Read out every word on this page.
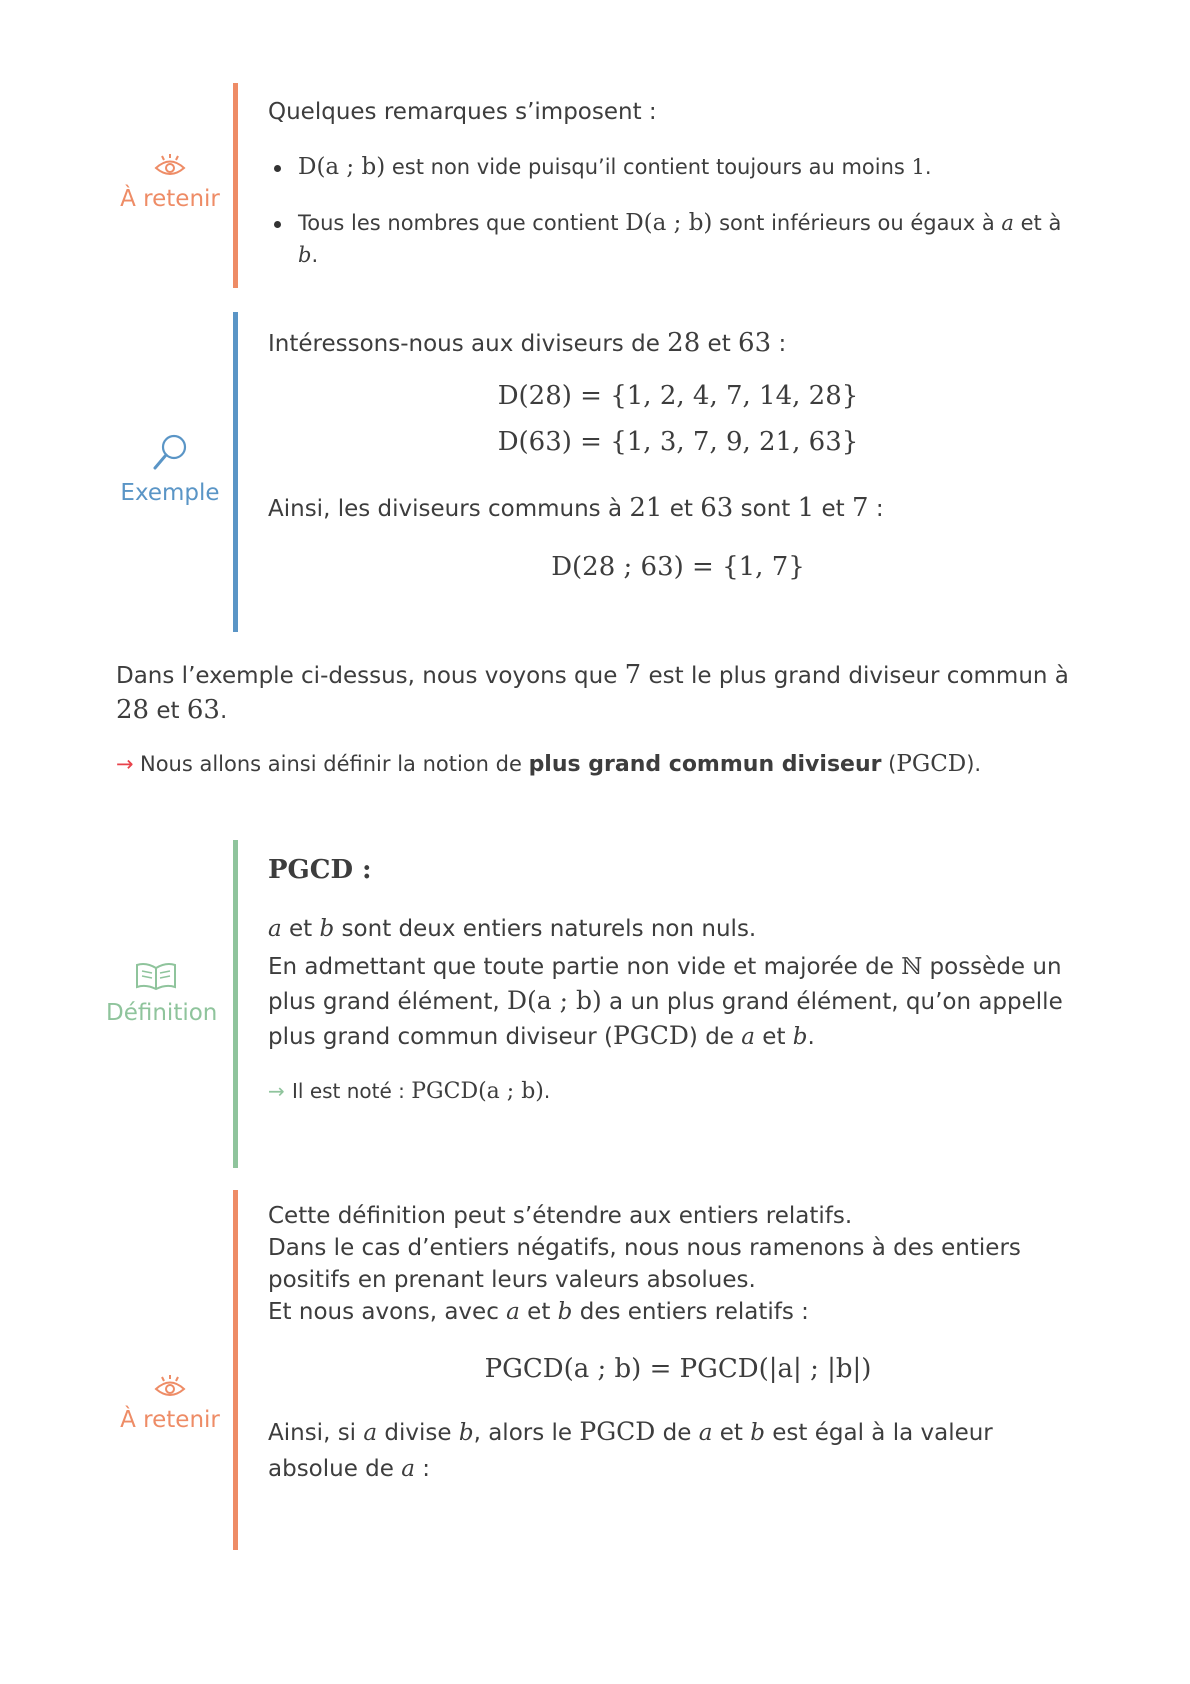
À retenir

Quelques remarques s’imposent :

D(a ; b) est non vide puisqu’il contient toujours au moins 1.
Tous les nombres que contient D(a ; b) sont inférieurs ou égaux à a et à b.
Exemple

Intéressons-nous aux diviseurs de 28 et 63 :

D(28) = {1, 2, 4, 7, 14, 28}
D(63) = {1, 3, 7, 9, 21, 63}

Ainsi, les diviseurs communs à 21 et 63 sont 1 et 7 :

D(28 ; 63) = {1, 7}
Dans l’exemple ci-dessus, nous voyons que 7 est le plus grand diviseur commun à 28 et 63.
→ Nous allons ainsi définir la notion de plus grand commun diviseur (PGCD).
Définition

PGCD :

a et b sont deux entiers naturels non nuls.

En admettant que toute partie non vide et majorée de ℕ possède un plus grand élément, D(a ; b) a un plus grand élément, qu’on appelle plus grand commun diviseur (PGCD) de a et b.

→ Il est noté : PGCD(a ; b).

À retenir

Cette définition peut s’étendre aux entiers relatifs.

Dans le cas d’entiers négatifs, nous nous ramenons à des entiers positifs en prenant leurs valeurs absolues.

Et nous avons, avec a et b des entiers relatifs :

PGCD(a ; b) = PGCD(|a| ; |b|)

Ainsi, si a divise b, alors le PGCD de a et b est égal à la valeur absolue de a :
